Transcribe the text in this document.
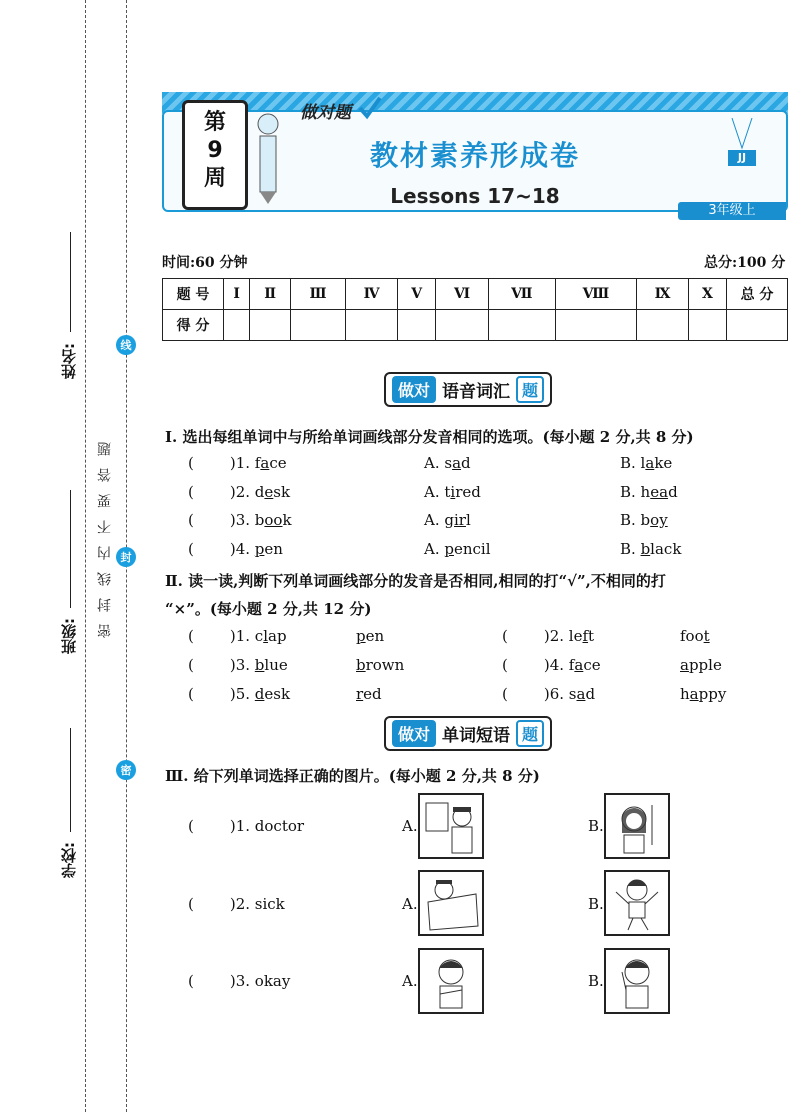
姓名:
班级:
学校:
密封线内不要答题
线
封
密
第
9
周
做对题
教材素养形成卷
Lessons 17~18
JJ
3年级上
时间:60 分钟	总分:100 分
题 号	Ⅰ	Ⅱ	Ⅲ	Ⅳ	Ⅴ	Ⅵ	Ⅶ	Ⅷ	Ⅸ	Ⅹ	总 分
得 分											
做对 语音词汇 题
Ⅰ. 选出每组单词中与所给单词画线部分发音相同的选项。(每小题 2 分,共 8 分)
( )1. face	A. sad	B. lake
( )2. desk	A. tired	B. head
( )3. book	A. girl	B. boy
( )4. pen	A. pencil	B. black
Ⅱ. 读一读,判断下列单词画线部分的发音是否相同,相同的打“√”,不相同的打
“×”。(每小题 2 分,共 12 分)
( )1. clap	pen	( )2. left	foot
( )3. blue	brown	( )4. face	apple
( )5. desk	red	( )6. sad	happy
做对 单词短语 题
Ⅲ. 给下列单词选择正确的图片。(每小题 2 分,共 8 分)
( )1. doctor	A.	B.
( )2. sick	A.	B.
( )3. okay	A.	B.
